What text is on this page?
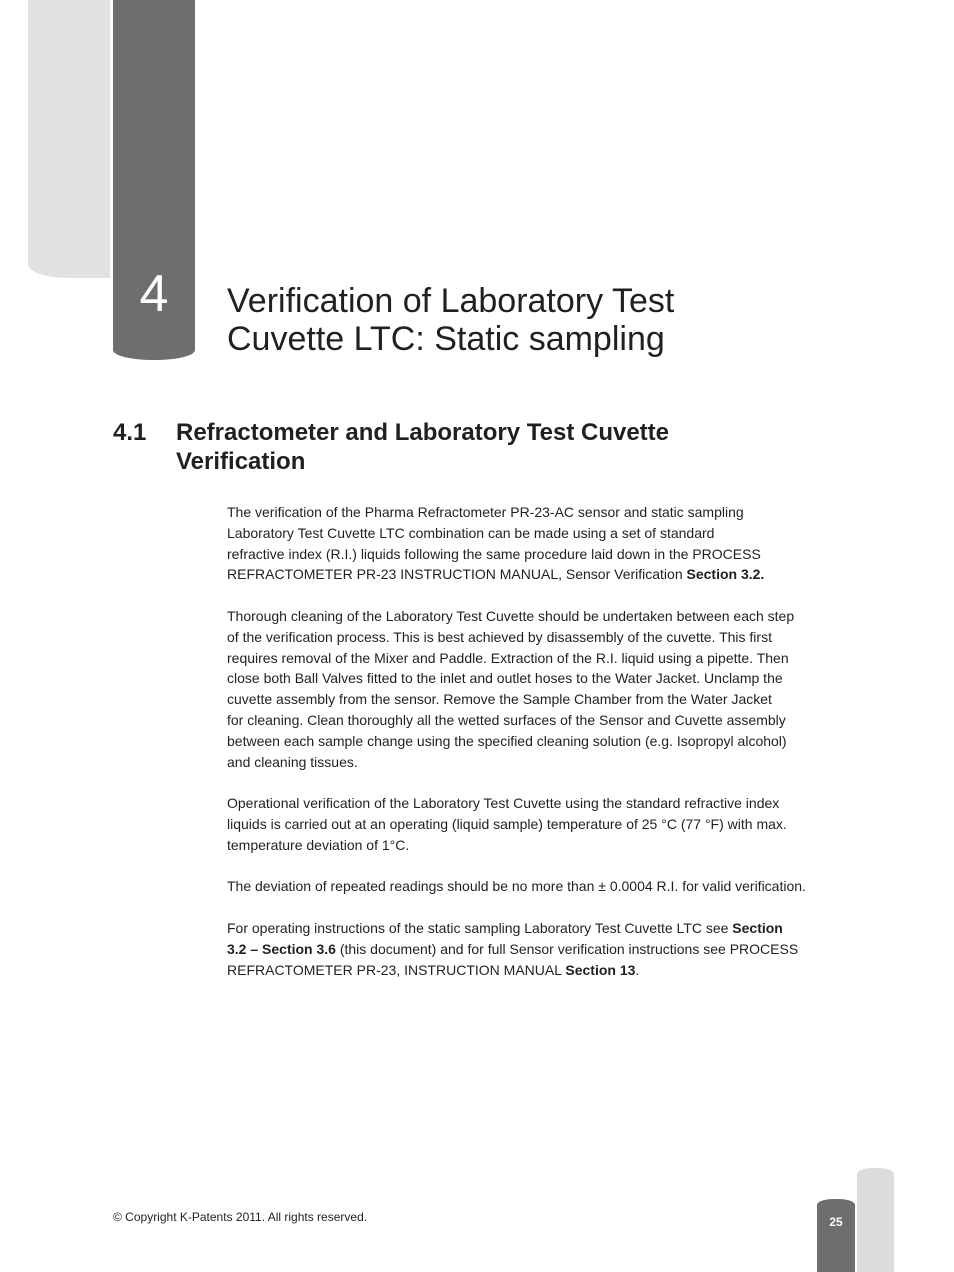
4	Verification of Laboratory Test
Cuvette LTC: Static sampling
4.1 Refractometer and Laboratory Test Cuvette
Verification

The verification of the Pharma Refractometer PR-23-AC sensor and static sampling
Laboratory Test Cuvette LTC combination can be made using a set of standard
refractive index (R.I.) liquids following the same procedure laid down in the PROCESS
REFRACTOMETER PR-23 INSTRUCTION MANUAL, Sensor Verification Section 3.2.

Thorough cleaning of the Laboratory Test Cuvette should be undertaken between each step
of the verification process. This is best achieved by disassembly of the cuvette. This first
requires removal of the Mixer and Paddle. Extraction of the R.I. liquid using a pipette. Then
close both Ball Valves fitted to the inlet and outlet hoses to the Water Jacket. Unclamp the
cuvette assembly from the sensor. Remove the Sample Chamber from the Water Jacket
for cleaning. Clean thoroughly all the wetted surfaces of the Sensor and Cuvette assembly
between each sample change using the specified cleaning solution (e.g. Isopropyl alcohol)
and cleaning tissues.

Operational verification of the Laboratory Test Cuvette using the standard refractive index
liquids is carried out at an operating (liquid sample) temperature of 25 °C (77 °F) with max.
temperature deviation of 1°C.

The deviation of repeated readings should be no more than ± 0.0004 R.I. for valid verification.

For operating instructions of the static sampling Laboratory Test Cuvette LTC see Section
3.2 – Section 3.6 (this document) and for full Sensor verification instructions see PROCESS
REFRACTOMETER PR-23, INSTRUCTION MANUAL Section 13.

© Copyright K-Patents 2011. All rights reserved.	25
